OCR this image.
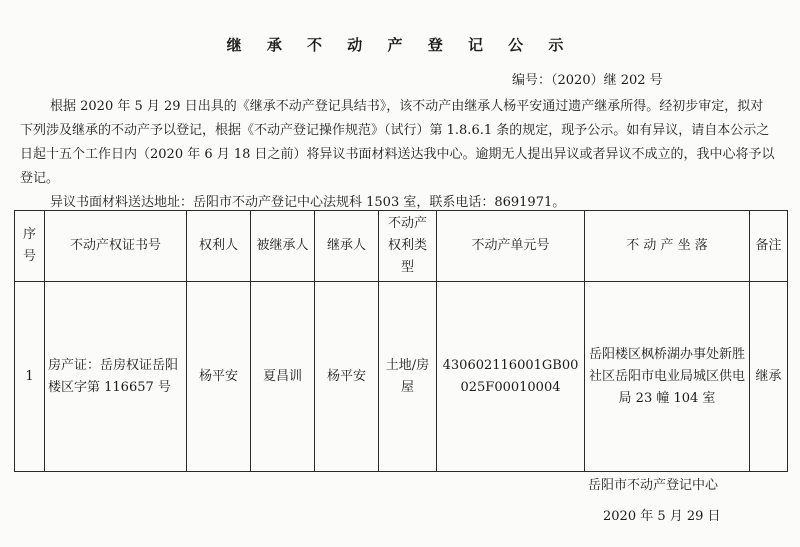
继 承 不 动 产 登 记 公 示
编号：（2020）继 202 号
根据 2020 年 5 月 29 日出具的《继承不动产登记具结书》，该不动产由继承人杨平安通过遗产继承所得。经初步审定，拟对下列涉及继承的不动产予以登记，根据《不动产登记操作规范》（试行）第 1.8.6.1 条的规定，现予公示。如有异议，请自本公示之日起十五个工作日内（2020 年 6 月 18 日之前）将异议书面材料送达我中心。逾期无人提出异议或者异议不成立的，我中心将予以登记。
异议书面材料送达地址：岳阳市不动产登记中心法规科 1503 室，联系电话：8691971。
序号	不动产权证书号	权利人	被继承人	继承人	不动产权利类型	不动产单元号	不 动 产 坐 落	备注
1	房产证：岳房权证岳阳楼区字第 116657 号	杨平安	夏昌训	杨平安	土地/房屋	430602116001GB00025F00010004	岳阳楼区枫桥湖办事处新胜社区岳阳市电业局城区供电局 23 幢 104 室	继承
岳阳市不动产登记中心
2020 年 5 月 29 日
